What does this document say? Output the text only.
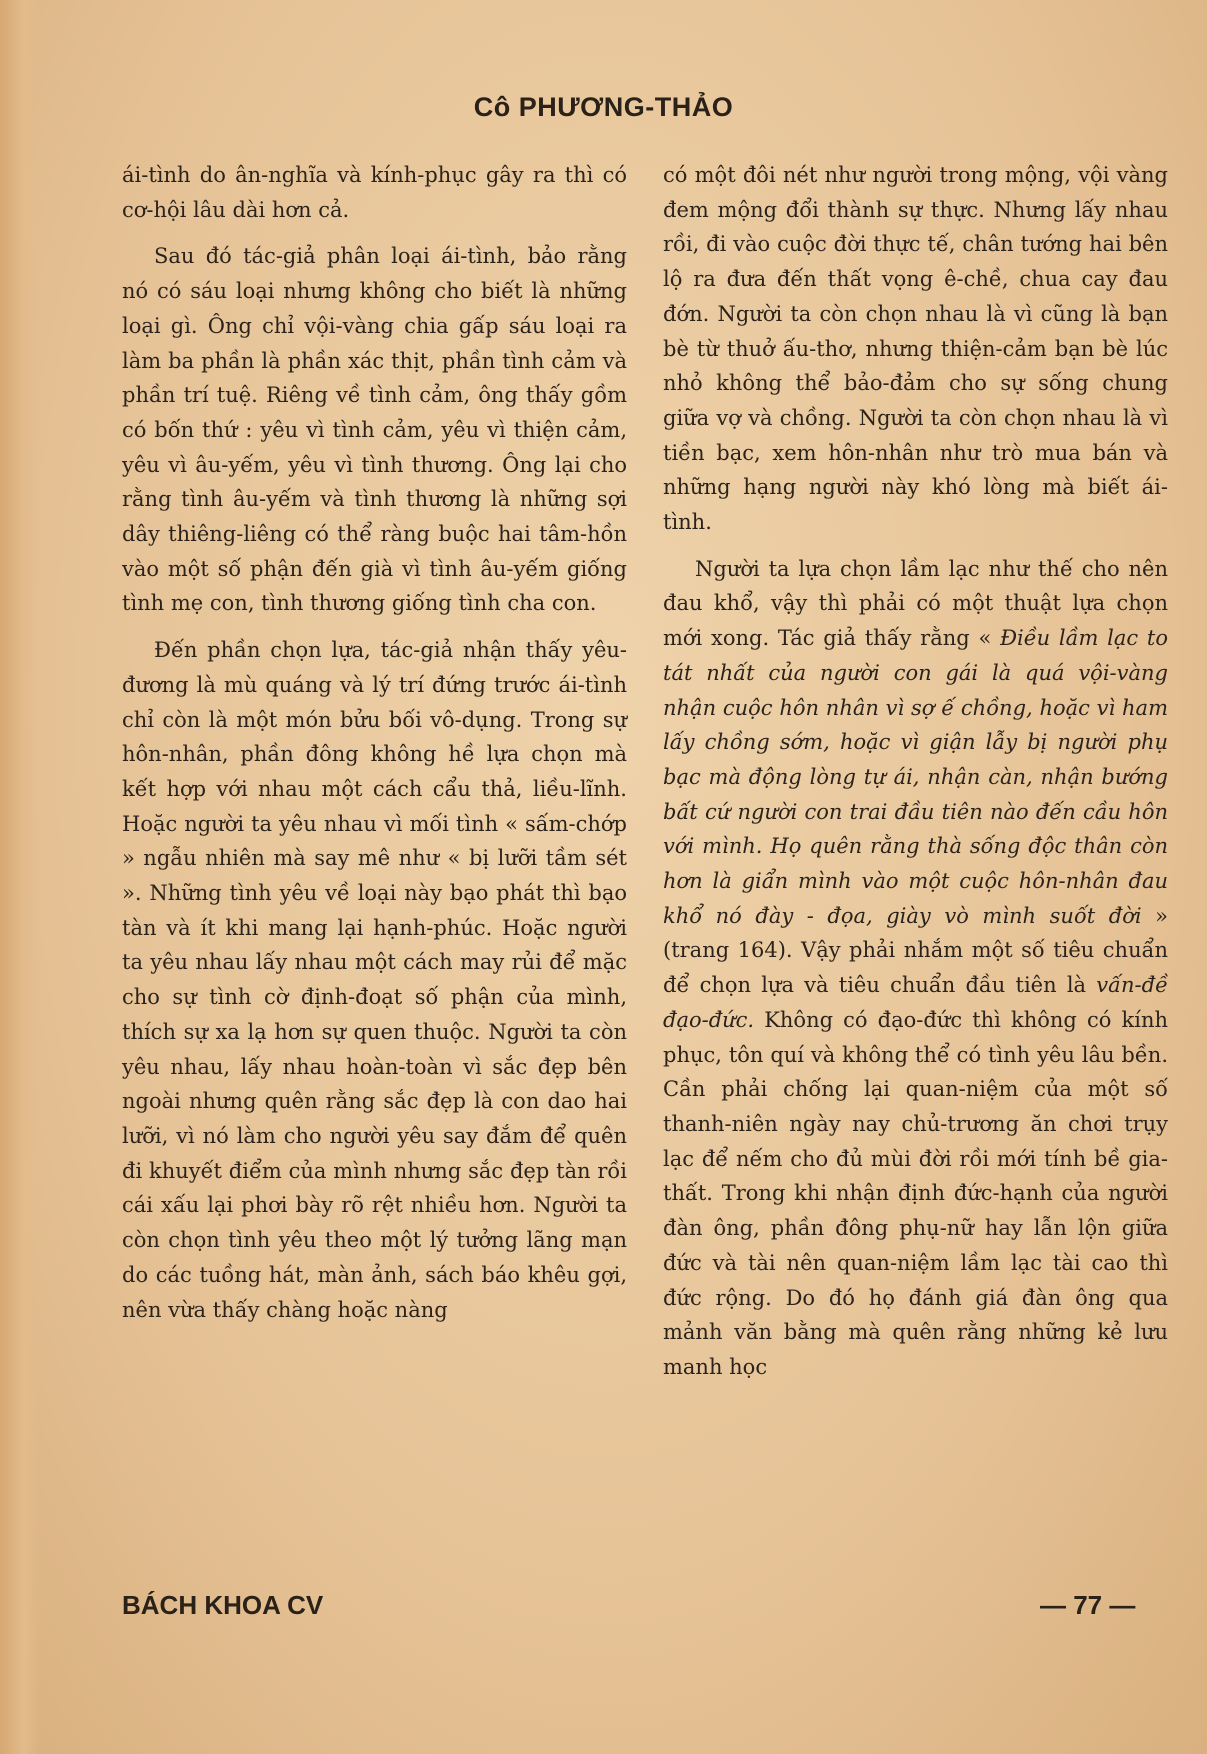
Cô PHƯƠNG-THẢO

ái-tình do ân-nghĩa và kính-phục gây ra thì có cơ-hội lâu dài hơn cả.

Sau đó tác-giả phân loại ái-tình, bảo rằng nó có sáu loại nhưng không cho biết là những loại gì. Ông chỉ vội-vàng chia gấp sáu loại ra làm ba phần là phần xác thịt, phần tình cảm và phần trí tuệ. Riêng về tình cảm, ông thấy gồm có bốn thứ : yêu vì tình cảm, yêu vì thiện cảm, yêu vì âu-yếm, yêu vì tình thương. Ông lại cho rằng tình âu-yếm và tình thương là những sợi dây thiêng-liêng có thể ràng buộc hai tâm-hồn vào một số phận đến già vì tình âu-yếm giống tình mẹ con, tình thương giống tình cha con.

Đến phần chọn lựa, tác-giả nhận thấy yêu-đương là mù quáng và lý trí đứng trước ái-tình chỉ còn là một món bửu bối vô-dụng. Trong sự hôn-nhân, phần đông không hề lựa chọn mà kết hợp với nhau một cách cẩu thả, liều-lĩnh. Hoặc người ta yêu nhau vì mối tình « sấm-chớp » ngẫu nhiên mà say mê như « bị lưỡi tầm sét ». Những tình yêu về loại này bạo phát thì bạo tàn và ít khi mang lại hạnh-phúc. Hoặc người ta yêu nhau lấy nhau một cách may rủi để mặc cho sự tình cờ định-đoạt số phận của mình, thích sự xa lạ hơn sự quen thuộc. Người ta còn yêu nhau, lấy nhau hoàn-toàn vì sắc đẹp bên ngoài nhưng quên rằng sắc đẹp là con dao hai lưỡi, vì nó làm cho người yêu say đắm để quên đi khuyết điểm của mình nhưng sắc đẹp tàn rồi cái xấu lại phơi bày rõ rệt nhiều hơn. Người ta còn chọn tình yêu theo một lý tưởng lãng mạn do các tuồng hát, màn ảnh, sách báo khêu gợi, nên vừa thấy chàng hoặc nàng

có một đôi nét như người trong mộng, vội vàng đem mộng đổi thành sự thực. Nhưng lấy nhau rồi, đi vào cuộc đời thực tế, chân tướng hai bên lộ ra đưa đến thất vọng ê-chề, chua cay đau đớn. Người ta còn chọn nhau là vì cũng là bạn bè từ thuở ấu-thơ, nhưng thiện-cảm bạn bè lúc nhỏ không thể bảo-đảm cho sự sống chung giữa vợ và chồng. Người ta còn chọn nhau là vì tiền bạc, xem hôn-nhân như trò mua bán và những hạng người này khó lòng mà biết ái-tình.

Người ta lựa chọn lầm lạc như thế cho nên đau khổ, vậy thì phải có một thuật lựa chọn mới xong. Tác giả thấy rằng « Điều lầm lạc to tát nhất của người con gái là quá vội-vàng nhận cuộc hôn nhân vì sợ ế chồng, hoặc vì ham lấy chồng sớm, hoặc vì giận lẫy bị người phụ bạc mà động lòng tự ái, nhận càn, nhận bướng bất cứ người con trai đầu tiên nào đến cầu hôn với mình. Họ quên rằng thà sống độc thân còn hơn là giẩn mình vào một cuộc hôn-nhân đau khổ nó đày - đọa, giày vò mình suốt đời » (trang 164). Vậy phải nhắm một số tiêu chuẩn để chọn lựa và tiêu chuẩn đầu tiên là vấn-đề đạo-đức. Không có đạo-đức thì không có kính phục, tôn quí và không thể có tình yêu lâu bền. Cần phải chống lại quan-niệm của một số thanh-niên ngày nay chủ-trương ăn chơi trụy lạc để nếm cho đủ mùi đời rồi mới tính bề gia-thất. Trong khi nhận định đức-hạnh của người đàn ông, phần đông phụ-nữ hay lẫn lộn giữa đức và tài nên quan-niệm lầm lạc tài cao thì đức rộng. Do đó họ đánh giá đàn ông qua mảnh văn bằng mà quên rằng những kẻ lưu manh học

BÁCH KHOA CV	— 77 —
